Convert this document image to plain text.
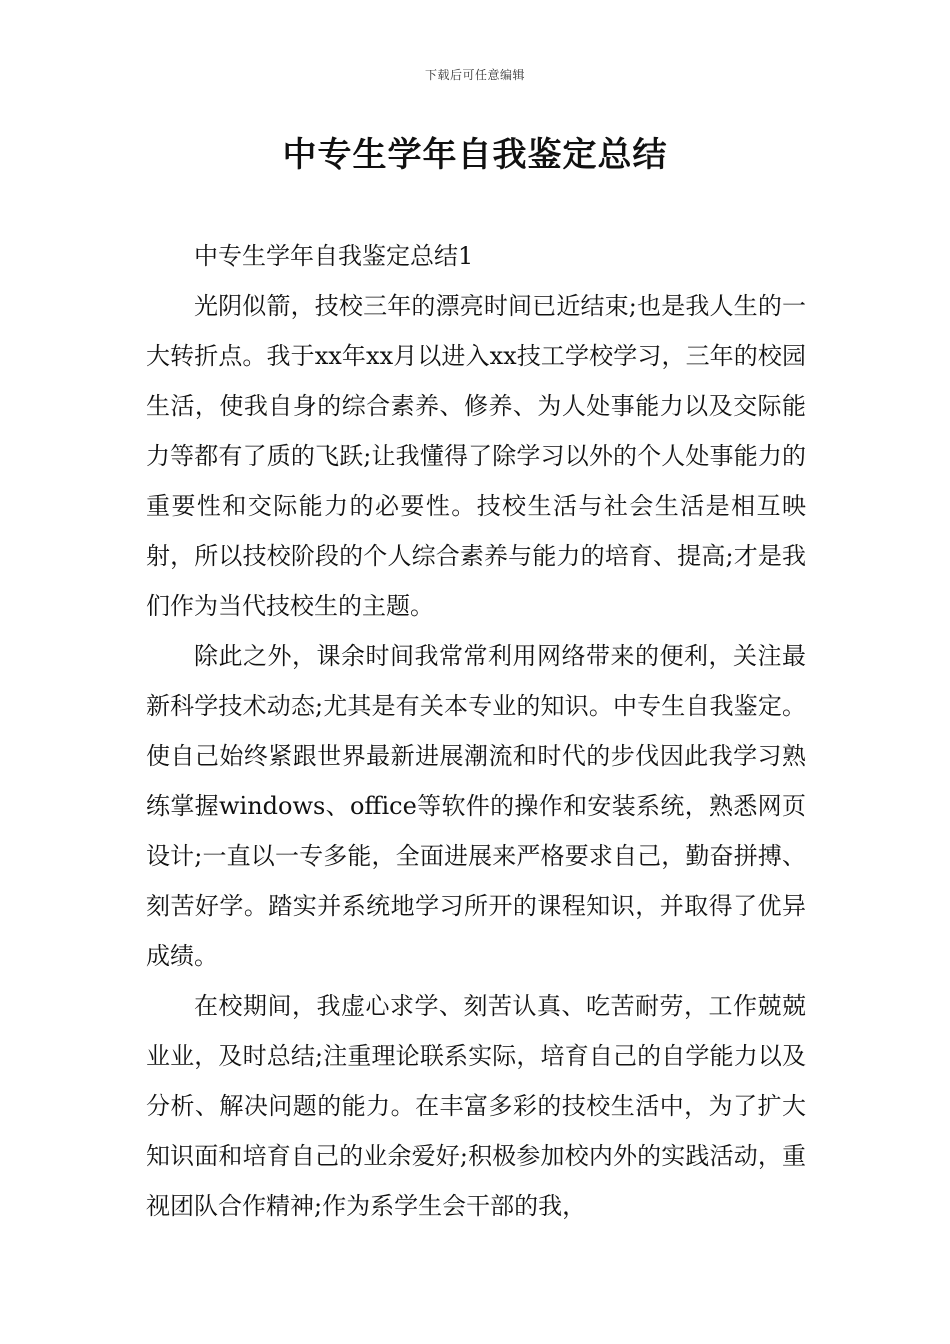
下载后可任意编辑
中专生学年自我鉴定总结

中专生学年自我鉴定总结1

光阴似箭，技校三年的漂亮时间已近结束;也是我人生的一大转折点。我于xx年xx月以进入xx技工学校学习，三年的校园生活，使我自身的综合素养、修养、为人处事能力以及交际能力等都有了质的飞跃;让我懂得了除学习以外的个人处事能力的重要性和交际能力的必要性。技校生活与社会生活是相互映射，所以技校阶段的个人综合素养与能力的培育、提高;才是我们作为当代技校生的主题。

除此之外，课余时间我常常利用网络带来的便利，关注最新科学技术动态;尤其是有关本专业的知识。中专生自我鉴定。使自己始终紧跟世界最新进展潮流和时代的步伐因此我学习熟练掌握windows、office等软件的操作和安装系统，熟悉网页设计;一直以一专多能，全面进展来严格要求自己，勤奋拼搏、刻苦好学。踏实并系统地学习所开的课程知识，并取得了优异成绩。

在校期间，我虚心求学、刻苦认真、吃苦耐劳，工作兢兢业业，及时总结;注重理论联系实际，培育自己的自学能力以及分析、解决问题的能力。在丰富多彩的技校生活中，为了扩大知识面和培育自己的业余爱好;积极参加校内外的实践活动，重视团队合作精神;作为系学生会干部的我，
